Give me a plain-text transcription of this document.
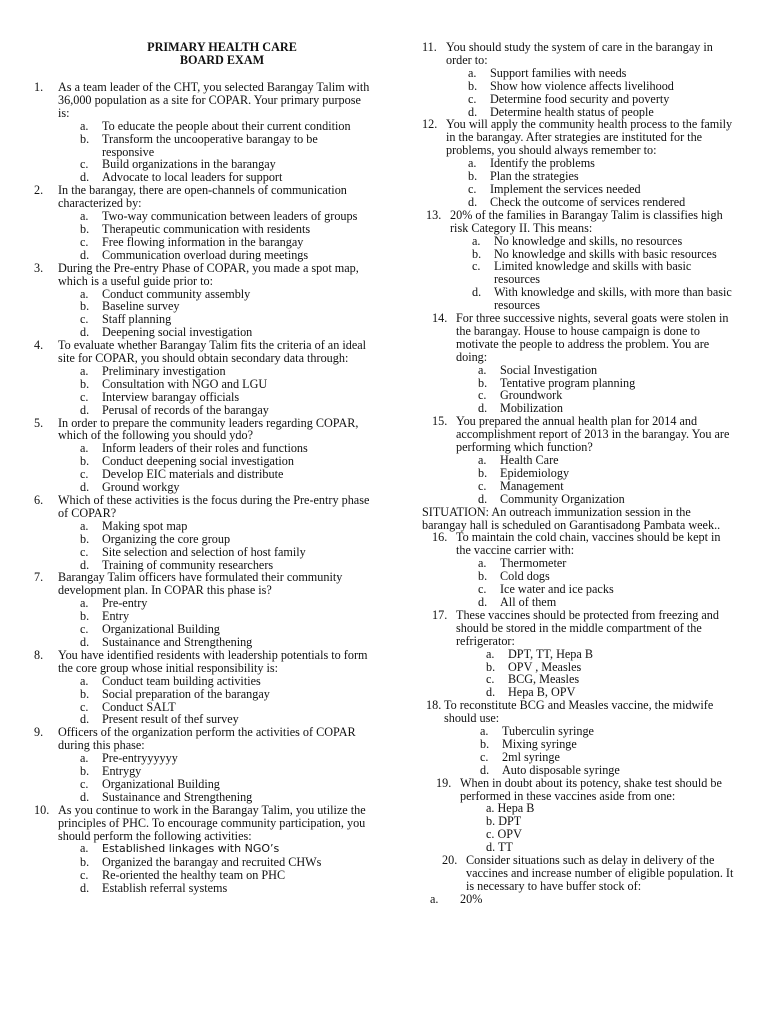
PRIMARY HEALTH CARE
BOARD EXAM
1. As a team leader of the CHT, you selected Barangay Talim with 36,000 population as a site for COPAR. Your primary purpose is:
a. To educate the people about their current condition
b. Transform the uncooperative barangay to be responsive
c. Build organizations in the barangay
d. Advocate to local leaders for support
2. In the barangay, there are open-channels of communication characterized by:
a. Two-way communication between leaders of groups
b. Therapeutic communication with residents
c. Free flowing information in the barangay
d. Communication overload during meetings
3. During the Pre-entry Phase of COPAR, you made a spot map, which is a useful guide prior to:
a. Conduct community assembly
b. Baseline survey
c. Staff planning
d. Deepening social investigation
4. To evaluate whether Barangay Talim fits the criteria of an ideal site for COPAR, you should obtain secondary data through:
a. Preliminary investigation
b. Consultation with NGO and LGU
c. Interview barangay officials
d. Perusal of records of the barangay
5. In order to prepare the community leaders regarding COPAR, which of the following you should ydo?
a. Inform leaders of their roles and functions
b. Conduct deepening social investigation
c. Develop EIC materials and distribute
d. Ground workgy
6. Which of these activities is the focus during the Pre-entry phase of COPAR?
a. Making spot map
b. Organizing the core group
c. Site selection and selection of host family
d. Training of community researchers
7. Barangay Talim officers have formulated their community development plan. In COPAR this phase is?
a. Pre-entry
b. Entry
c. Organizational Building
d. Sustainance and Strengthening
8. You have identified residents with leadership potentials to form the core group whose initial responsibility is:
a. Conduct team building activities
b. Social preparation of the barangay
c. Conduct SALT
d. Present result of thef survey
9. Officers of the organization perform the activities of COPAR during this phase:
a. Pre-entryyyyyy
b. Entrygy
c. Organizational Building
d. Sustainance and Strengthening
10. As you continue to work in the Barangay Talim, you utilize the principles of PHC. To encourage community participation, you should perform the following activities:
a. Established linkages with NGO’s
b. Organized the barangay and recruited CHWs
c. Re-oriented the healthy team on PHC
d. Establish referral systems
11. You should study the system of care in the barangay in order to:
a. Support families with needs
b. Show how violence affects livelihood
c. Determine food security and poverty
d. Determine health status of people
12. You will apply the community health process to the family in the barangay. After strategies are instituted for the problems, you should always remember to:
a. Identify the problems
b. Plan the strategies
c. Implement the services needed
d. Check the outcome of services rendered
13. 20% of the families in Barangay Talim is classifies high risk Category II. This means:
a. No knowledge and skills, no resources
b. No knowledge and skills with basic resources
c. Limited knowledge and skills with basic resources
d. With knowledge and skills, with more than basic resources
14. For three successive nights, several goats were stolen in the barangay. House to house campaign is done to motivate the people to address the problem. You are doing:
a. Social Investigation
b. Tentative program planning
c. Groundwork
d. Mobilization
15. You prepared the annual health plan for 2014 and accomplishment report of 2013 in the barangay. You are performing which function?
a. Health Care
b. Epidemiology
c. Management
d. Community Organization
SITUATION: An outreach immunization session in the barangay hall is scheduled on Garantisadong Pambata week..
16. To maintain the cold chain, vaccines should be kept in the vaccine carrier with:
a. Thermometer
b. Cold dogs
c. Ice water and ice packs
d. All of them
17. These vaccines should be protected from freezing and should be stored in the middle compartment of the refrigerator:
a. DPT, TT, Hepa B
b. OPV , Measles
c. BCG, Measles
d. Hepa B, OPV
18. To reconstitute BCG and Measles vaccine, the midwife should use:
a. Tuberculin syringe
b. Mixing syringe
c. 2ml syringe
d. Auto disposable syringe
19. When in doubt about its potency, shake test should be performed in these vaccines aside from one:
a. Hepa B
b. DPT
c. OPV
d. TT
20. Consider situations such as delay in delivery of the vaccines and increase number of eligible population. It is necessary to have buffer stock of:
a. 20%
